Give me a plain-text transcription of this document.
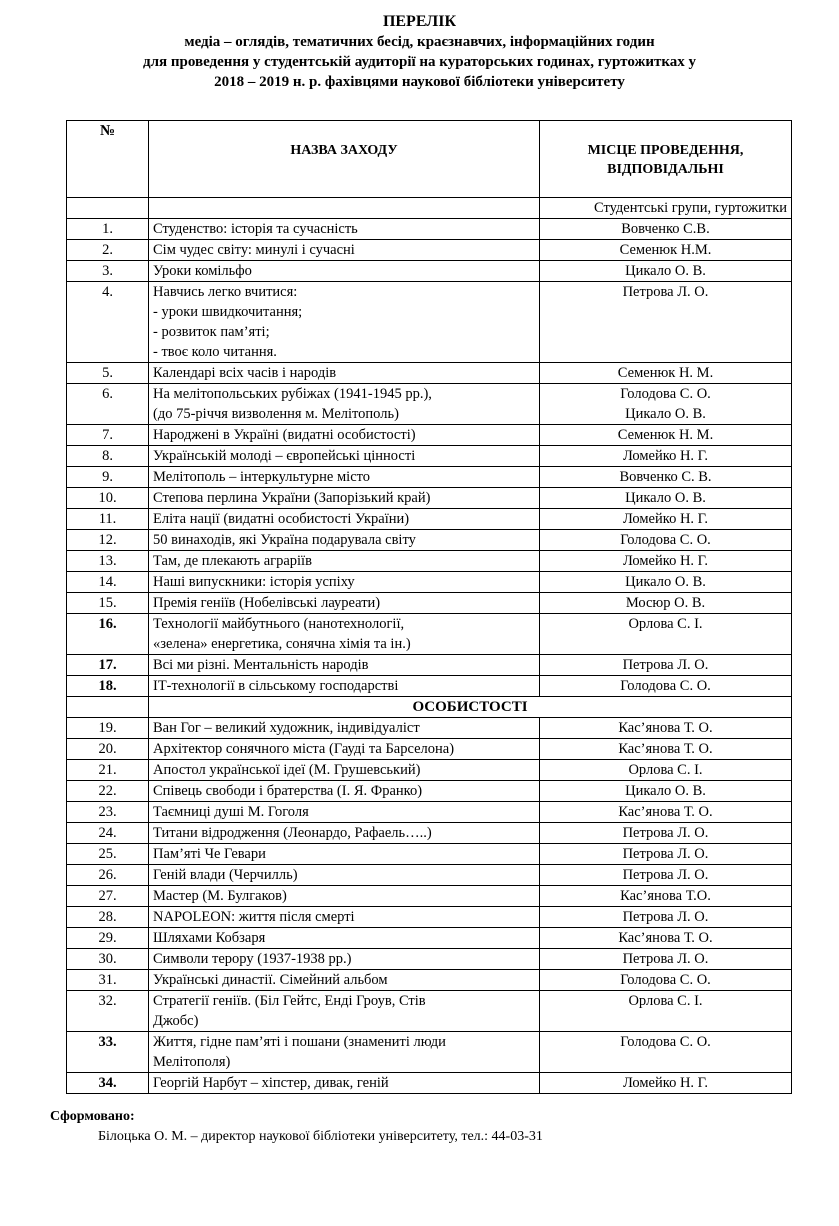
ПЕРЕЛІК
медіа – оглядів, тематичних бесід, краєзнавчих, інформаційних годин
для проведення у студентській аудиторії на кураторських годинах, гуртожитках у
2018 – 2019 н. р. фахівцями наукової бібліотеки університету
№	НАЗВА ЗАХОДУ	МІСЦЕ ПРОВЕДЕННЯ, ВІДПОВІДАЛЬНІ
		Студентські групи, гуртожитки
1.	Студенство: історія та сучасність	Вовченко С.В.
2.	Сім чудес світу: минулі і сучасні	Семенюк Н.М.
3.	Уроки комільфо	Цикало О. В.
4.	Навчись легко вчитися:
- уроки швидкочитання;
- розвиток пам’яті;
- твоє коло читання.	Петрова Л. О.
5.	Календарі всіх часів і народів	Семенюк Н. М.
6.	На мелітопольських рубіжах (1941-1945 рр.),
(до 75-річчя визволення м. Мелітополь)	Голодова С. О.
Цикало О. В.
7.	Народжені в Україні (видатні особистості)	Семенюк Н. М.
8.	Українській молоді – європейські цінності	Ломейко Н. Г.
9.	Мелітополь – інтеркультурне місто	Вовченко С. В.
10.	Степова перлина України (Запорізький край)	Цикало О. В.
11.	Еліта нації (видатні особистості України)	Ломейко Н. Г.
12.	50 винаходів, які Україна подарувала світу	Голодова С. О.
13.	Там, де плекають аграріїв	Ломейко Н. Г.
14.	Наші випускники: історія успіху	Цикало О. В.
15.	Премія геніїв (Нобелівські лауреати)	Мосюр О. В.
16.	Технології майбутнього (нанотехнології,
«зелена» енергетика, сонячна хімія та ін.)	Орлова С. І.
17.	Всі ми різні. Ментальність народів	Петрова Л. О.
18.	ІТ-технології в сільському господарстві	Голодова С. О.
	ОСОБИСТОСТІ	
19.	Ван Гог – великий художник, індивідуаліст	Кас’янова Т. О.
20.	Архітектор сонячного міста (Гауді та Барселона)	Кас’янова Т. О.
21.	Апостол української ідеї (М. Грушевський)	Орлова С. І.
22.	Співець свободи і братерства (І. Я. Франко)	Цикало О. В.
23.	Таємниці душі М. Гоголя	Кас’янова Т. О.
24.	Титани відродження (Леонардо, Рафаель…..)	Петрова Л. О.
25.	Пам’яті Че Гевари	Петрова Л. О.
26.	Геній влади (Черчилль)	Петрова Л. О.
27.	Мастер (М. Булгаков)	Кас’янова Т.О.
28.	NAPOLEON: життя після смерті	Петрова Л. О.
29.	Шляхами Кобзаря	Кас’янова Т. О.
30.	Символи терору (1937-1938 рр.)	Петрова Л. О.
31.	Українські династії. Сімейний альбом	Голодова С. О.
32.	Стратегії геніїв. (Біл Гейтс, Енді Гроув, Стів
Джобс)	Орлова С. І.
33.	Життя, гідне пам’яті і пошани (знамениті люди
Мелітополя)	Голодова С. О.
34.	Георгій Нарбут – хіпстер, дивак, геній	Ломейко Н. Г.
Сформовано:
Білоцька О. М. – директор наукової бібліотеки університету, тел.: 44-03-31
